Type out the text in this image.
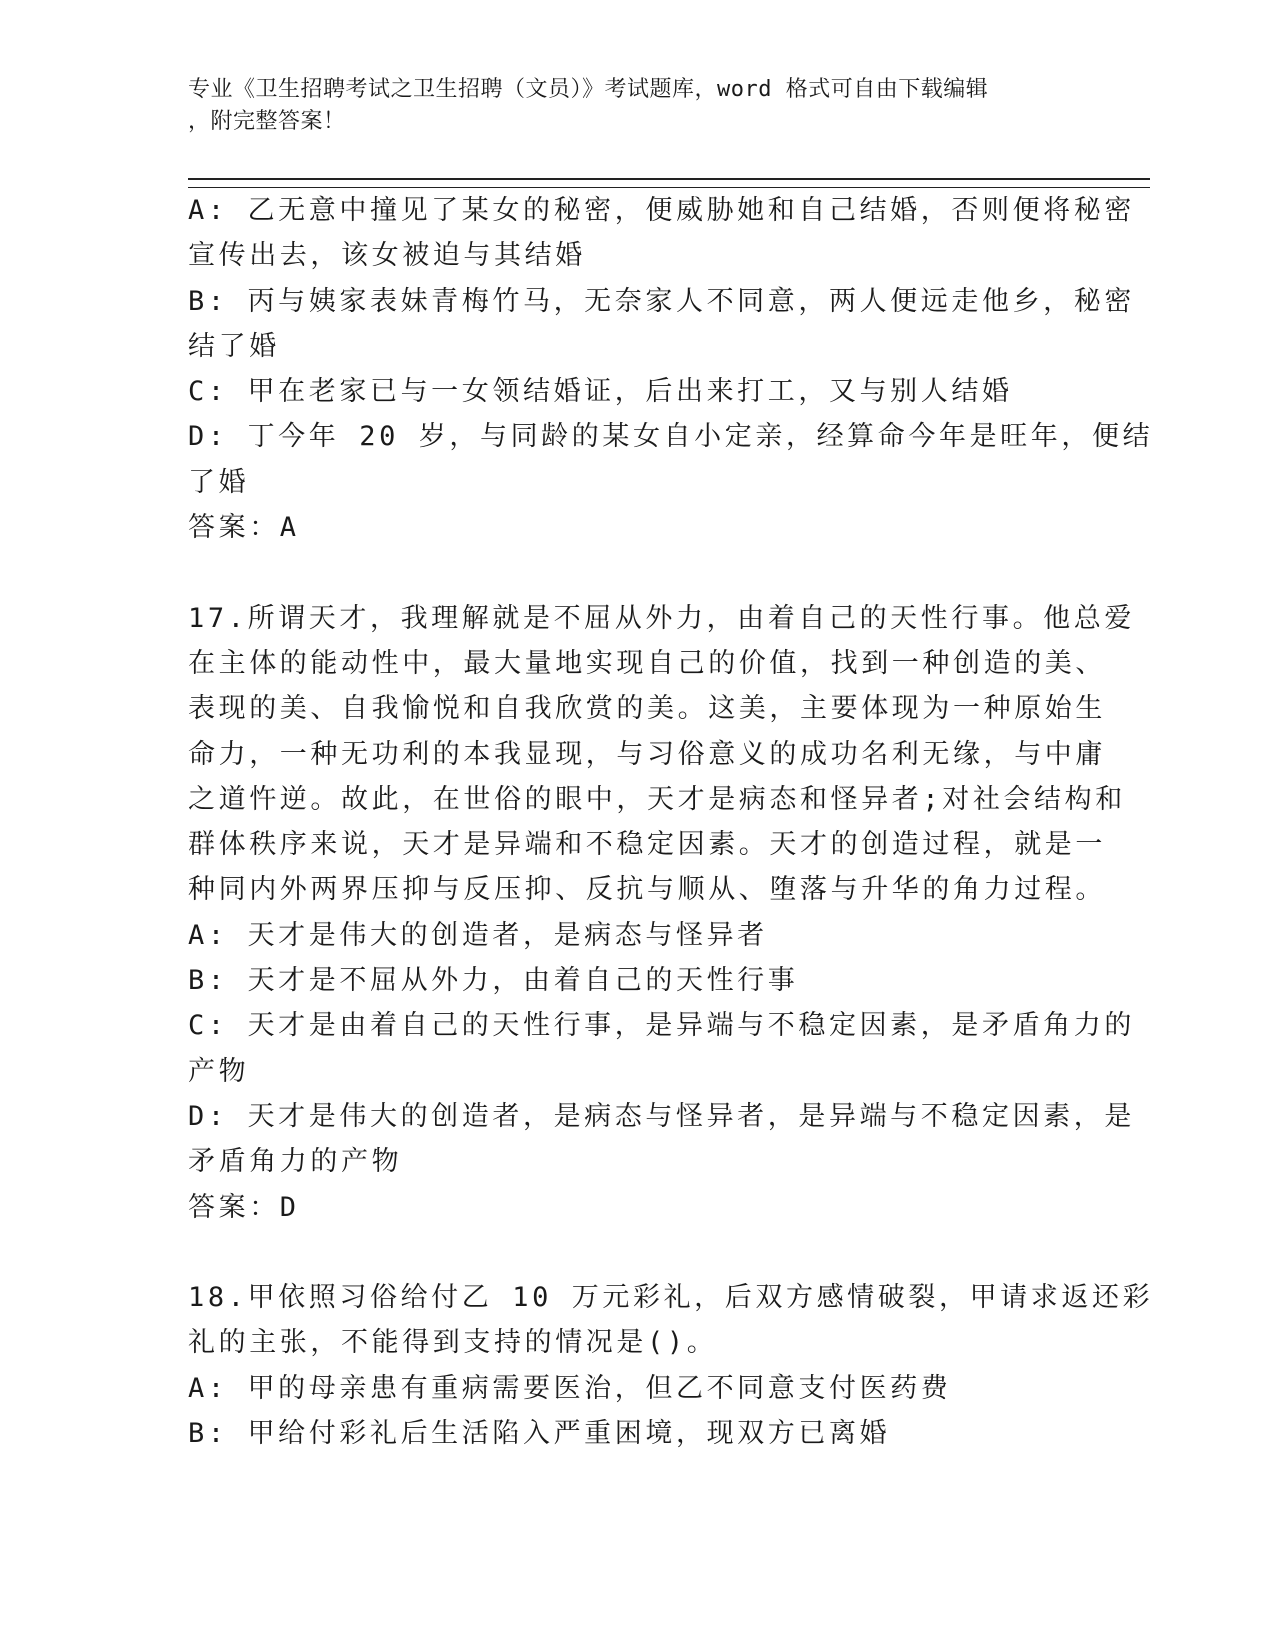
专业《卫生招聘考试之卫生招聘（文员）》考试题库，word 格式可自由下载编辑
，附完整答案！
A: 乙无意中撞见了某女的秘密，便威胁她和自己结婚，否则便将秘密
宣传出去，该女被迫与其结婚
B: 丙与姨家表妹青梅竹马，无奈家人不同意，两人便远走他乡，秘密
结了婚
C: 甲在老家已与一女领结婚证，后出来打工，又与别人结婚
D: 丁今年 20 岁，与同龄的某女自小定亲，经算命今年是旺年，便结
了婚
答案：A
17.所谓天才，我理解就是不屈从外力，由着自己的天性行事。他总爱
在主体的能动性中，最大量地实现自己的价值，找到一种创造的美、
表现的美、自我愉悦和自我欣赏的美。这美，主要体现为一种原始生
命力，一种无功利的本我显现，与习俗意义的成功名利无缘，与中庸
之道忤逆。故此，在世俗的眼中，天才是病态和怪异者;对社会结构和
群体秩序来说，天才是异端和不稳定因素。天才的创造过程，就是一
种同内外两界压抑与反压抑、反抗与顺从、堕落与升华的角力过程。
A: 天才是伟大的创造者，是病态与怪异者
B: 天才是不屈从外力，由着自己的天性行事
C: 天才是由着自己的天性行事，是异端与不稳定因素，是矛盾角力的
产物
D: 天才是伟大的创造者，是病态与怪异者，是异端与不稳定因素，是
矛盾角力的产物
答案：D
18.甲依照习俗给付乙 10 万元彩礼，后双方感情破裂，甲请求返还彩
礼的主张，不能得到支持的情况是()。
A: 甲的母亲患有重病需要医治，但乙不同意支付医药费
B: 甲给付彩礼后生活陷入严重困境，现双方已离婚
